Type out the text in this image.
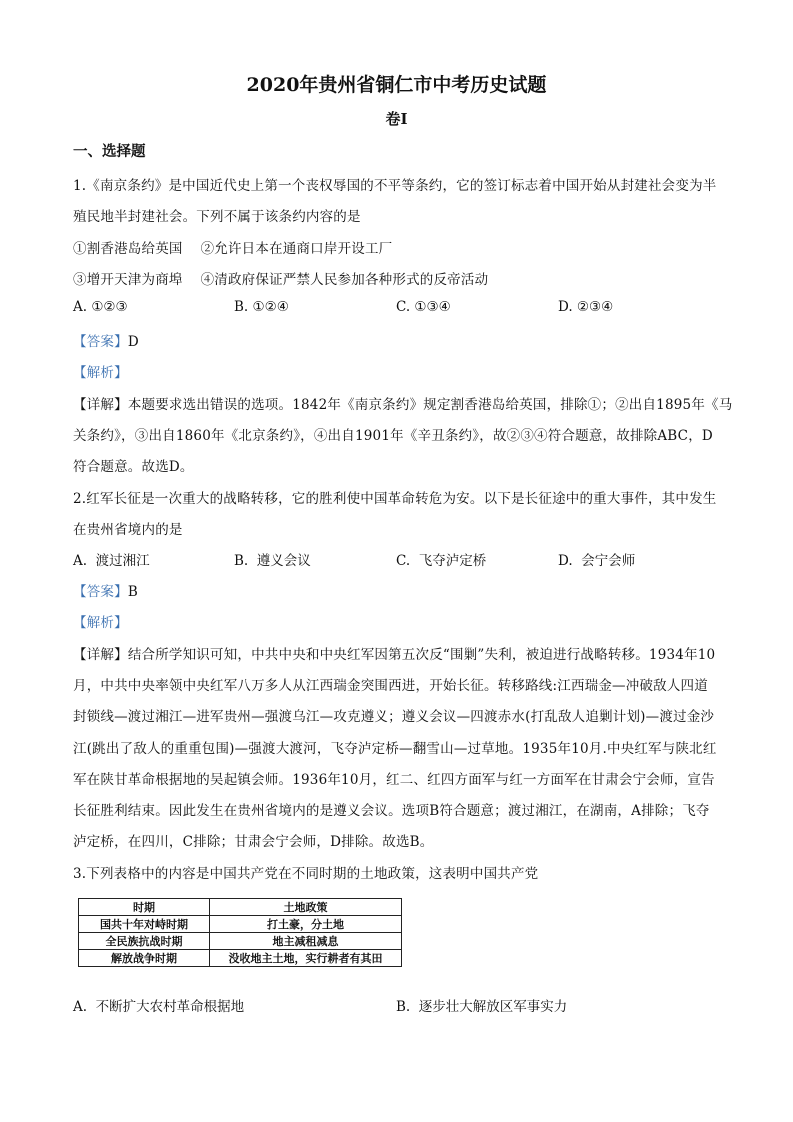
2020年贵州省铜仁市中考历史试题
卷Ⅰ
一、选择题
1.《南京条约》是中国近代史上第一个丧权辱国的不平等条约，它的签订标志着中国开始从封建社会变为半
殖民地半封建社会。下列不属于该条约内容的是
①割香港岛给英国    ②允许日本在通商口岸开设工厂
③增开天津为商埠    ④清政府保证严禁人民参加各种形式的反帝活动
A. ①②③	B. ①②④	C. ①③④	D. ②③④
【答案】D
【解析】
【详解】本题要求选出错误的选项。1842年《南京条约》规定割香港岛给英国，排除①；②出自1895年《马
关条约》，③出自1860年《北京条约》，④出自1901年《辛丑条约》，故②③④符合题意，故排除ABC，D
符合题意。故选D。
2.红军长征是一次重大的战略转移，它的胜利使中国革命转危为安。以下是长征途中的重大事件，其中发生
在贵州省境内的是
A.  渡过湘江	B.  遵义会议	C.  飞夺泸定桥	D.  会宁会师
【答案】B
【解析】
【详解】结合所学知识可知，中共中央和中央红军因第五次反“围剿”失利，被迫进行战略转移。1934年10
月，中共中央率领中央红军八万多人从江西瑞金突围西进，开始长征。转移路线:江西瑞金—冲破敌人四道
封锁线—渡过湘江—进军贵州—强渡乌江—攻克遵义；遵义会议—四渡赤水(打乱敌人追剿计划)—渡过金沙
江(跳出了敌人的重重包围)—强渡大渡河，飞夺泸定桥—翻雪山—过草地。1935年10月.中央红军与陕北红
军在陕甘革命根据地的吴起镇会师。1936年10月，红二、红四方面军与红一方面军在甘肃会宁会师，宣告
长征胜利结束。因此发生在贵州省境内的是遵义会议。选项B符合题意；渡过湘江，在湖南，A排除；飞夺
泸定桥，在四川，C排除；甘肃会宁会师，D排除。故选B。
3.下列表格中的内容是中国共产党在不同时期的土地政策，这表明中国共产党
时期	土地政策
国共十年对峙时期	打土豪，分土地
全民族抗战时期	地主减租减息
解放战争时期	没收地主土地，实行耕者有其田
A.  不断扩大农村革命根据地	B.  逐步壮大解放区军事实力
